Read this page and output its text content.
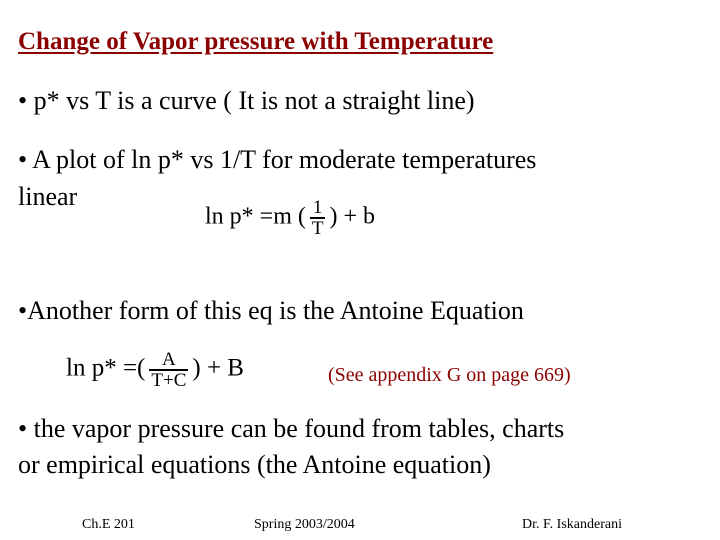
Change of Vapor pressure with Temperature
• p* vs T is a curve ( It is not a straight line)
• A plot of ln p* vs 1/T for moderate temperatures
linear
ln p* =m ( $\frac{1}{T}$ ) + b
•Another form of this eq is the Antoine Equation
ln p* =( $\frac{A}{T+C}$ ) + B	(See appendix G on page 669)
• the vapor pressure can be found from tables, charts
or empirical equations (the Antoine equation)
Ch.E 201	Spring 2003/2004	Dr. F. Iskanderani
